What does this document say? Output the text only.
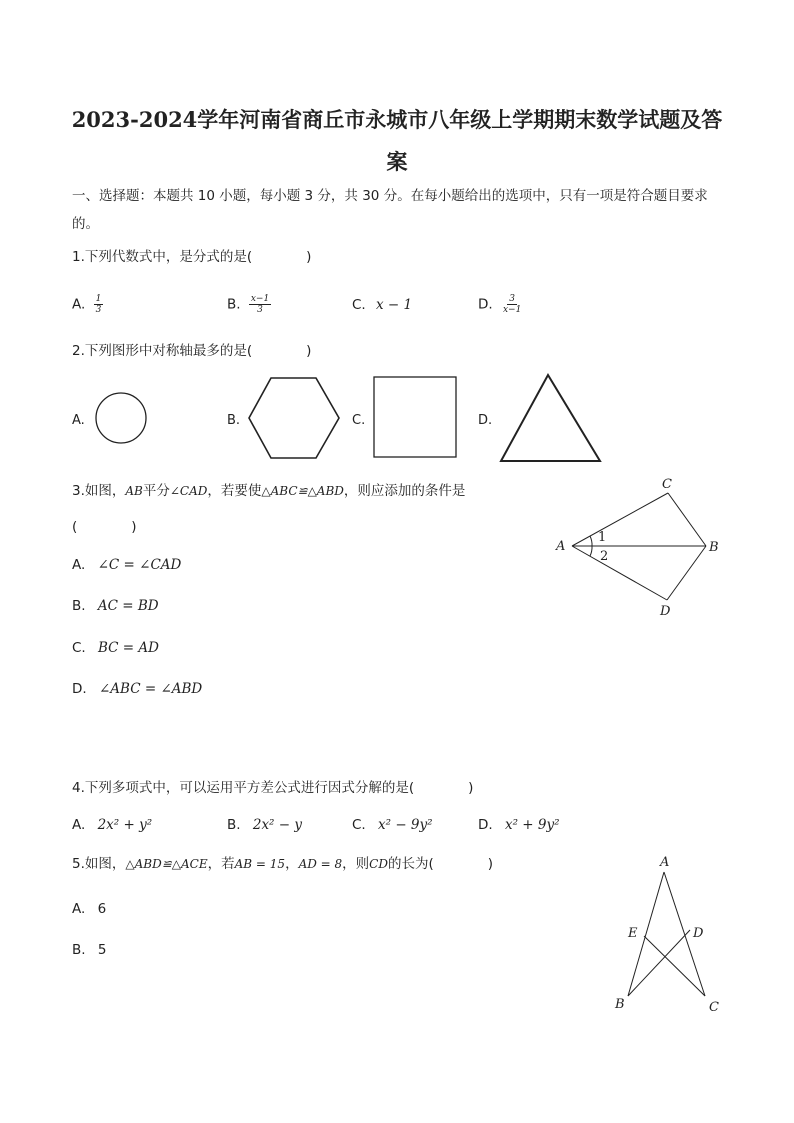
2023-2024学年河南省商丘市永城市八年级上学期期末数学试题及答
案
一、选择题：本题共 10 小题，每小题 3 分，共 30 分。在每小题给出的选项中，只有一项是符合题目要求
的。
1.下列代数式中，是分式的是(　　　　)
A. $\frac{1}{3}$	B. $\frac{x-1}{3}$	C. x − 1	D. $\frac{3}{x-1}$
2.下列图形中对称轴最多的是(　　　　)
A.	B.	C.	D.
3.如图，AB平分∠CAD，若要使△ABC≌△ABD，则应添加的条件是
(　　　　)
A. ∠C = ∠CAD
B. AC = BD
C. BC = AD
D. ∠ABC = ∠ABD
A	B
C
D
1
2
4.下列多项式中，可以运用平方差公式进行因式分解的是(　　　　)
A. 2x² + y²	B. 2x² − y	C. x² − 9y²	D. x² + 9y²
5.如图，△ABD≌△ACE，若AB = 15，AD = 8，则CD的长为(　　　　)
A. 6
B. 5
A
B	C
D
E
